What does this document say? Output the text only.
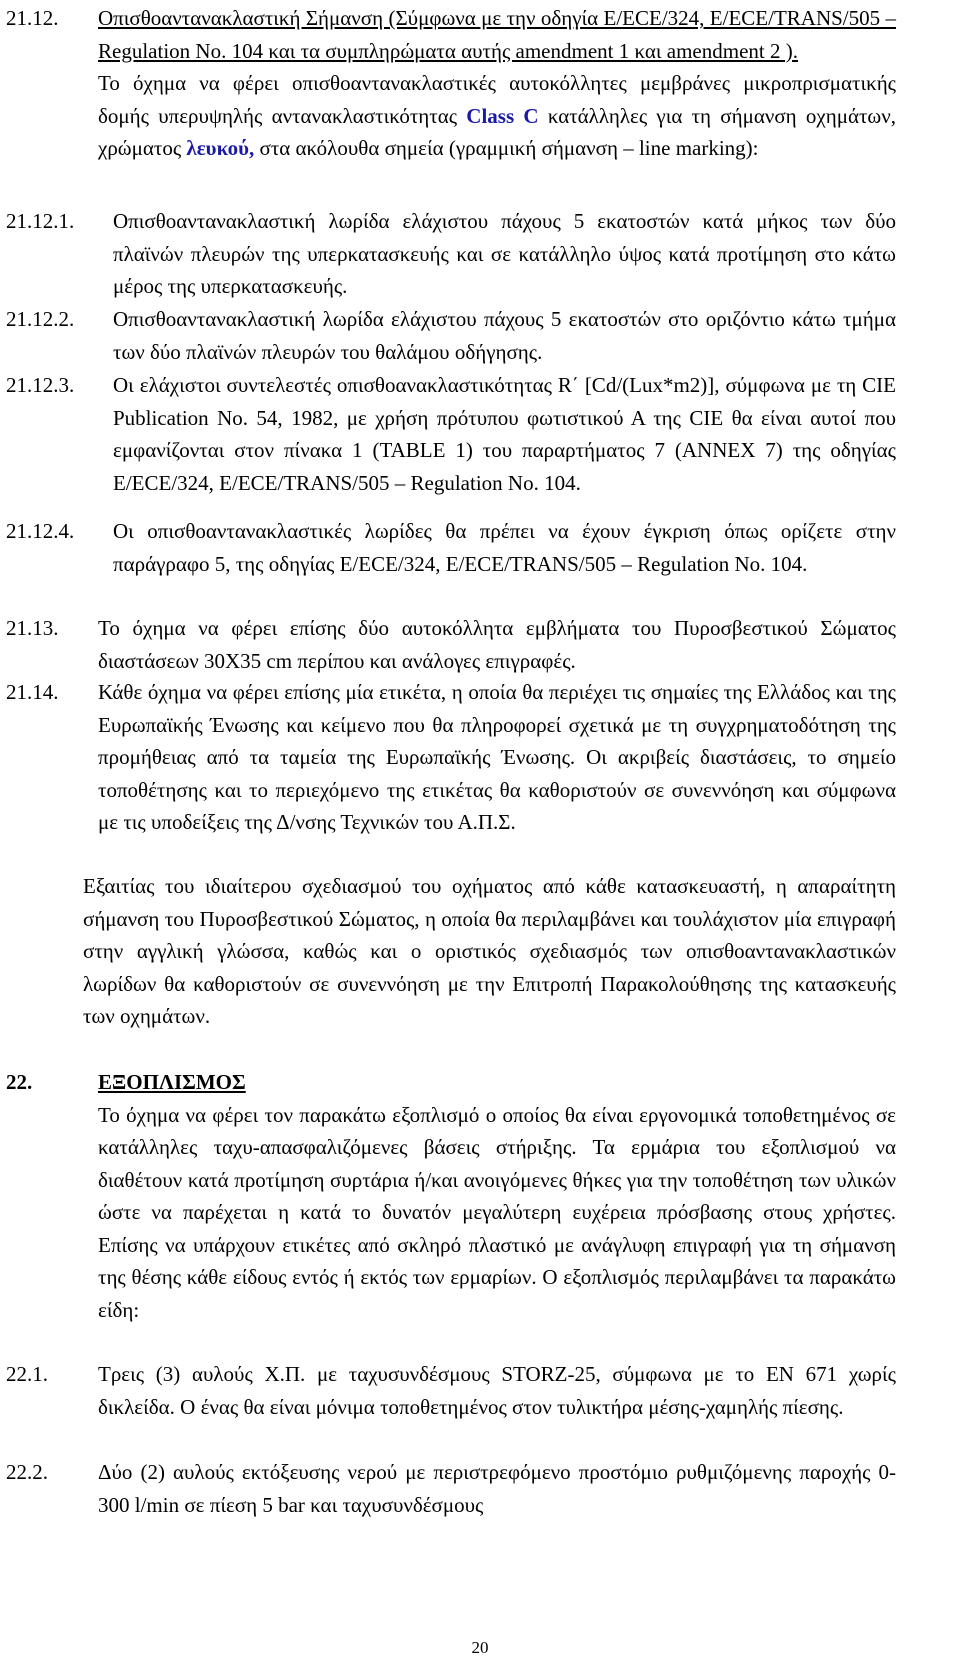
21.12. Οπισθοαντανακλαστική Σήμανση (Σύμφωνα με την οδηγία E/ECE/324, E/ECE/TRANS/505 – Regulation No. 104 και τα συμπληρώματα αυτής amendment 1 και amendment 2 ).

Το όχημα να φέρει οπισθοαντανακλαστικές αυτοκόλλητες μεμβράνες μικροπρισματικής δομής υπερυψηλής αντανακλαστικότητας Class C κατάλληλες για τη σήμανση οχημάτων, χρώματος λευκού, στα ακόλουθα σημεία (γραμμική σήμανση – line marking):

21.12.1. Οπισθοαντανακλαστική λωρίδα ελάχιστου πάχους 5 εκατοστών κατά μήκος των δύο πλαϊνών πλευρών της υπερκατασκευής και σε κατάλληλο ύψος κατά προτίμηση στο κάτω μέρος της υπερκατασκευής.
21.12.2. Οπισθοαντανακλαστική λωρίδα ελάχιστου πάχους 5 εκατοστών στο οριζόντιο κάτω τμήμα των δύο πλαϊνών πλευρών του θαλάμου οδήγησης.
21.12.3. Οι ελάχιστοι συντελεστές οπισθοανακλαστικότητας R΄ [Cd/(Lux*m2)], σύμφωνα με τη CIE Publication No. 54, 1982, με χρήση πρότυπου φωτιστικού Α της CIE θα είναι αυτοί που εμφανίζονται στον πίνακα 1 (TABLE 1) του παραρτήματος 7 (ANNEX 7) της οδηγίας E/ECE/324, E/ECE/TRANS/505 – Regulation No. 104.
21.12.4. Οι οπισθοαντανακλαστικές λωρίδες θα πρέπει να έχουν έγκριση όπως ορίζετε στην παράγραφο 5, της οδηγίας E/ECE/324, E/ECE/TRANS/505 – Regulation No. 104.
21.13. Το όχημα να φέρει επίσης δύο αυτοκόλλητα εμβλήματα του Πυροσβεστικού Σώματος διαστάσεων 30X35 cm περίπου και ανάλογες επιγραφές.
21.14. Κάθε όχημα να φέρει επίσης μία ετικέτα, η οποία θα περιέχει τις σημαίες της Ελλάδος και της Ευρωπαϊκής Ένωσης και κείμενο που θα πληροφορεί σχετικά με τη συγχρηματοδότηση της προμήθειας από τα ταμεία της Ευρωπαϊκής Ένωσης. Οι ακριβείς διαστάσεις, το σημείο τοποθέτησης και το περιεχόμενο της ετικέτας θα καθοριστούν σε συνεννόηση και σύμφωνα με τις υποδείξεις της Δ/νσης Τεχνικών του Α.Π.Σ.
Εξαιτίας του ιδιαίτερου σχεδιασμού του οχήματος από κάθε κατασκευαστή, η απαραίτητη σήμανση του Πυροσβεστικού Σώματος, η οποία θα περιλαμβάνει και τουλάχιστον μία επιγραφή στην αγγλική γλώσσα, καθώς και ο οριστικός σχεδιασμός των οπισθοαντανακλαστικών λωρίδων θα καθοριστούν σε συνεννόηση με την Επιτροπή Παρακολούθησης της κατασκευής των οχημάτων.
22.	ΕΞΟΠΛΙΣΜΟΣ

Το όχημα να φέρει τον παρακάτω εξοπλισμό ο οποίος θα είναι εργονομικά τοποθετημένος σε κατάλληλες ταχυ-απασφαλιζόμενες βάσεις στήριξης. Τα ερμάρια του εξοπλισμού να διαθέτουν κατά προτίμηση συρτάρια ή/και ανοιγόμενες θήκες για την τοποθέτηση των υλικών ώστε να παρέχεται η κατά το δυνατόν μεγαλύτερη ευχέρεια πρόσβασης στους χρήστες. Επίσης να υπάρχουν ετικέτες από σκληρό πλαστικό με ανάγλυφη επιγραφή για τη σήμανση της θέσης κάθε είδους εντός ή εκτός των ερμαρίων. Ο εξοπλισμός περιλαμβάνει τα παρακάτω είδη:

22.1. Τρεις (3) αυλούς Χ.Π. με ταχυσυνδέσμους STORZ-25, σύμφωνα με το EN 671 χωρίς δικλείδα. Ο ένας θα είναι μόνιμα τοποθετημένος στον τυλικτήρα μέσης-χαμηλής πίεσης.
22.2. Δύο (2) αυλούς εκτόξευσης νερού με περιστρεφόμενο προστόμιο ρυθμιζόμενης παροχής 0-300 l/min σε πίεση 5 bar και ταχυσυνδέσμους
20
